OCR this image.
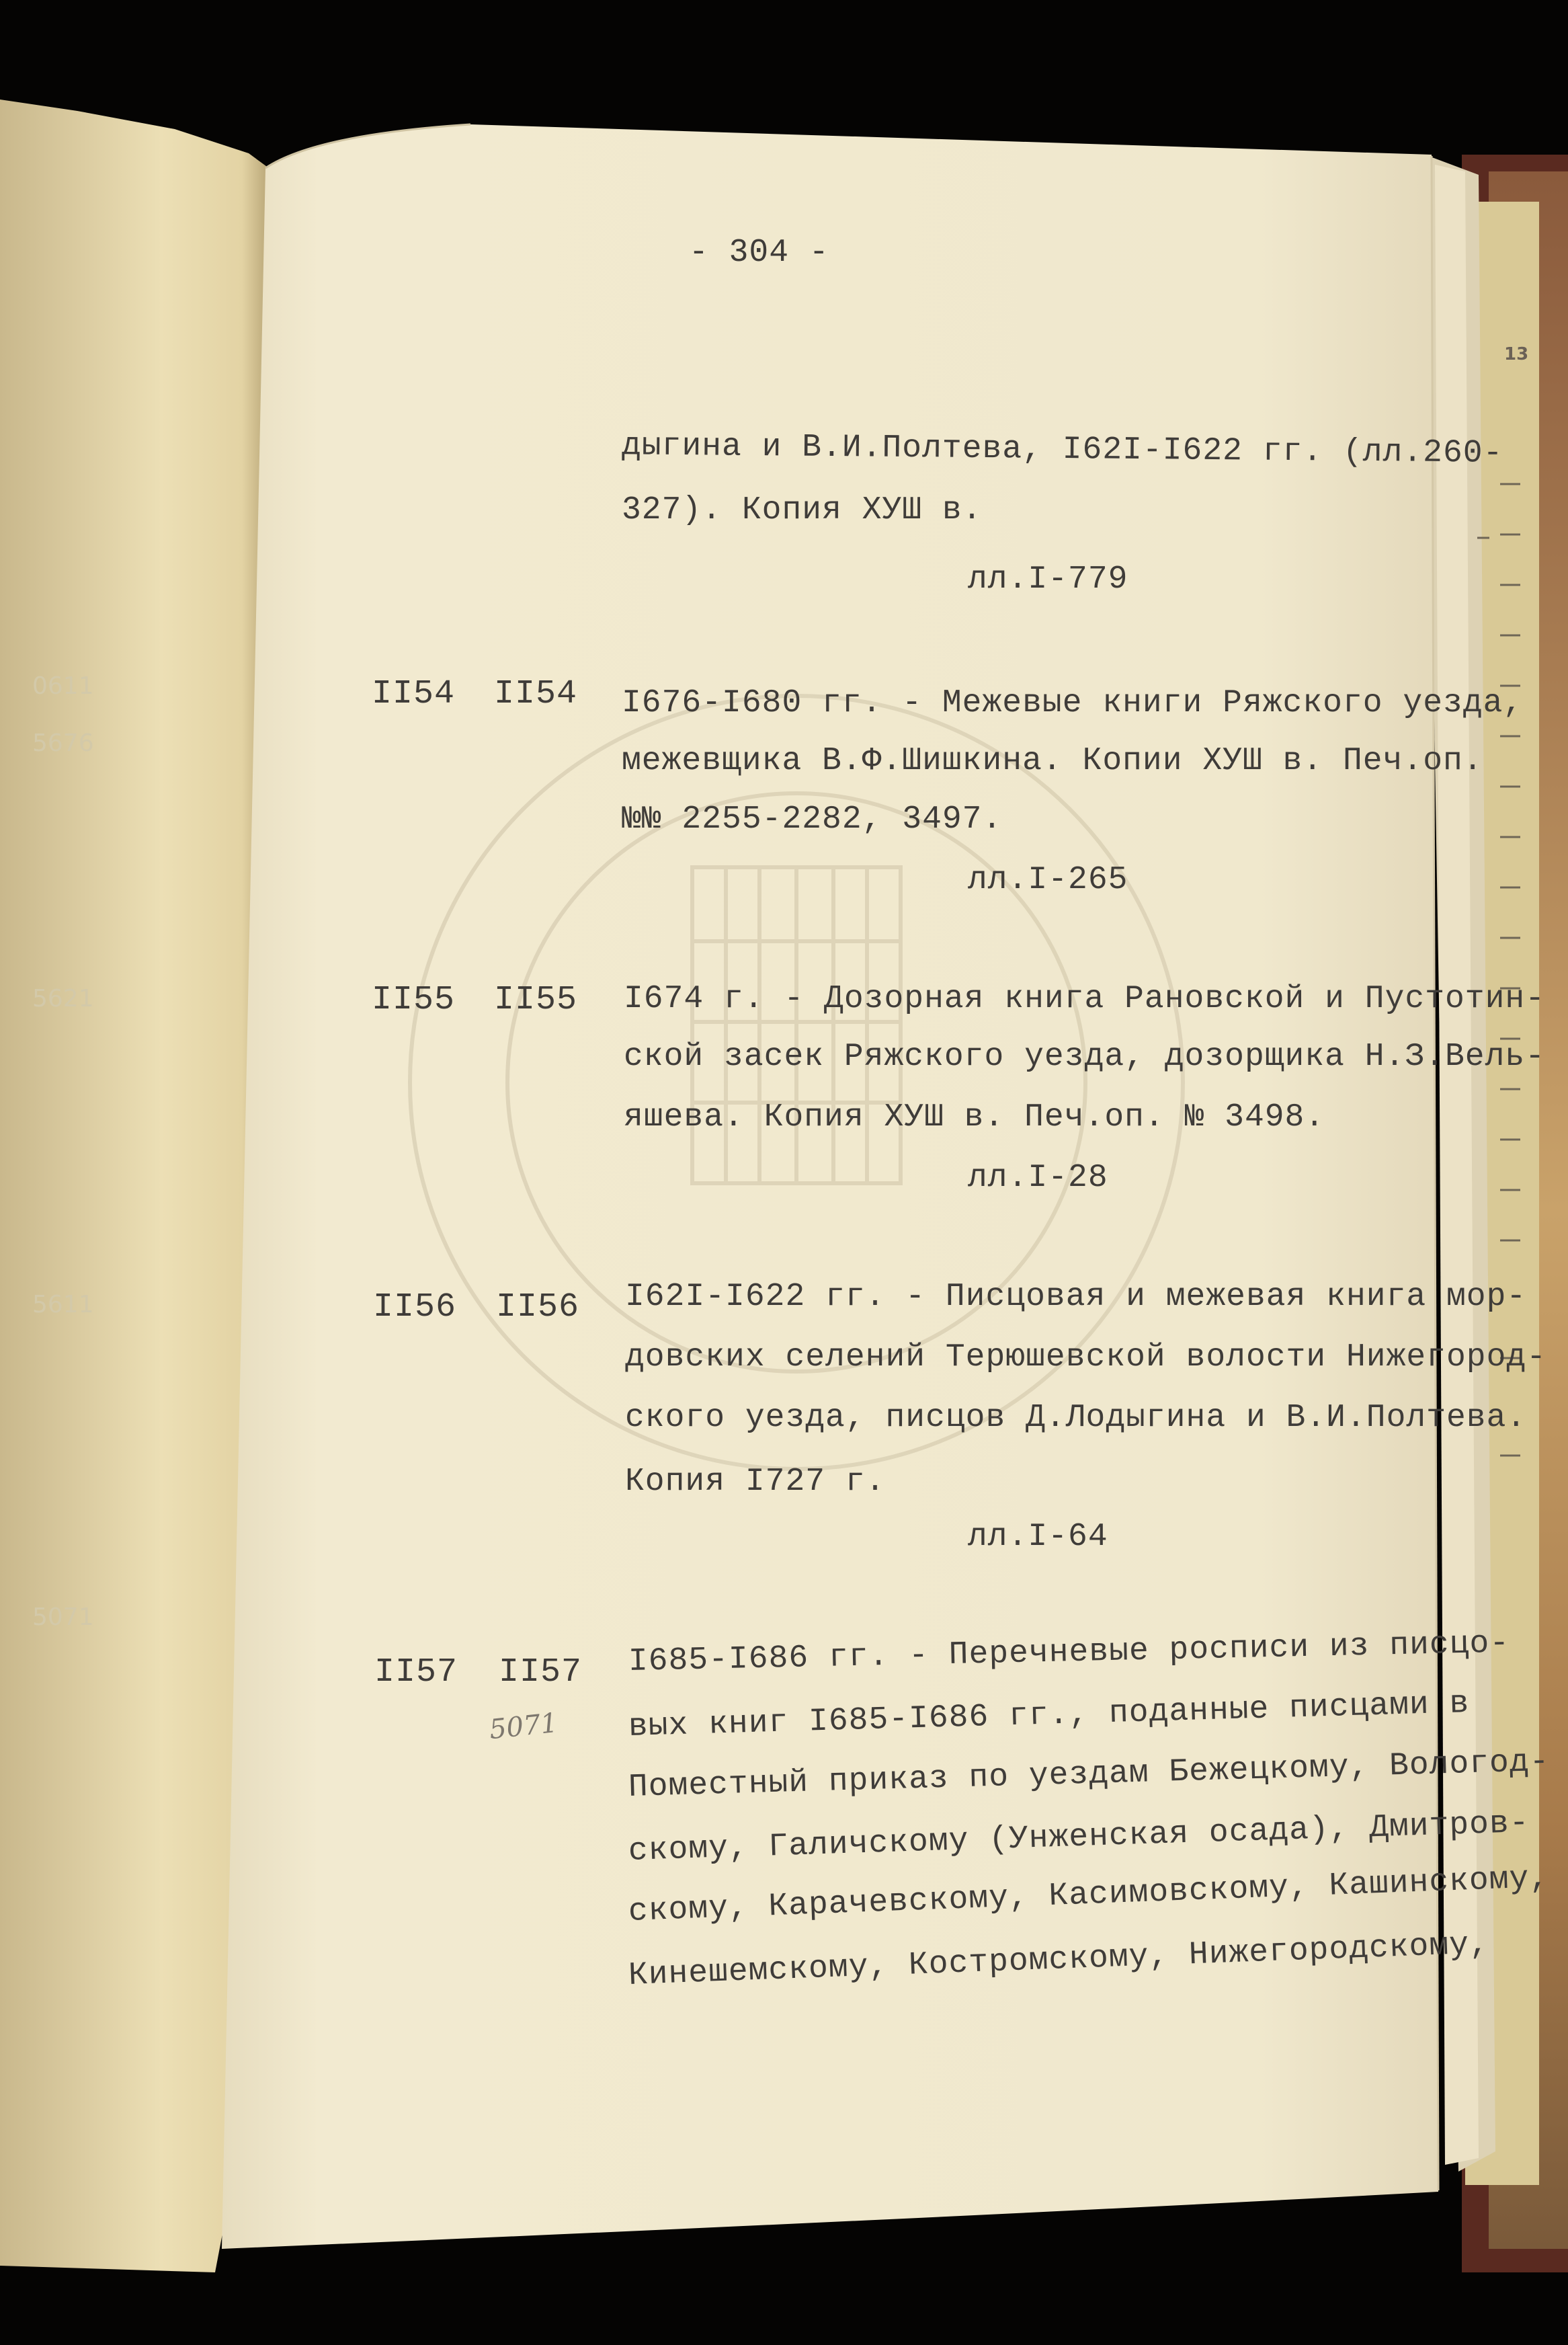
13
0611
5676
5621
5611
5071
- 304 -
дыгина и В.И.Полтева, I62I-I622 гг. (лл.260-
327). Копия ХУШ в.
лл.I-779
II54 II54 I676-I680 гг. - Межевые книги Ряжского уезда,
межевщика В.Ф.Шишкина. Копии ХУШ в. Печ.оп.
№№ 2255-2282, 3497.
лл.I-265
II55 II55 I674 г. - Дозорная книга Рановской и Пустотин-
ской засек Ряжского уезда, дозорщика Н.З.Вель-
яшева. Копия ХУШ в. Печ.оп. № 3498.
лл.I-28
II56 II56 I62I-I622 гг. - Писцовая и межевая книга мор-
довских селений Терюшевской волости Нижегород-
ского уезда, писцов Д.Лодыгина и В.И.Полтева.
Копия I727 г.
лл.I-64
II57 II57
5071
I685-I686 гг. - Перечневые росписи из писцо-
вых книг I685-I686 гг., поданные писцами в
Поместный приказ по уездам Бежецкому, Вологод-
скому, Галичскому (Унженская осада), Дмитров-
скому, Карачевскому, Касимовскому, Кашинскому,
Кинешемскому, Костромскому, Нижегородскому,
